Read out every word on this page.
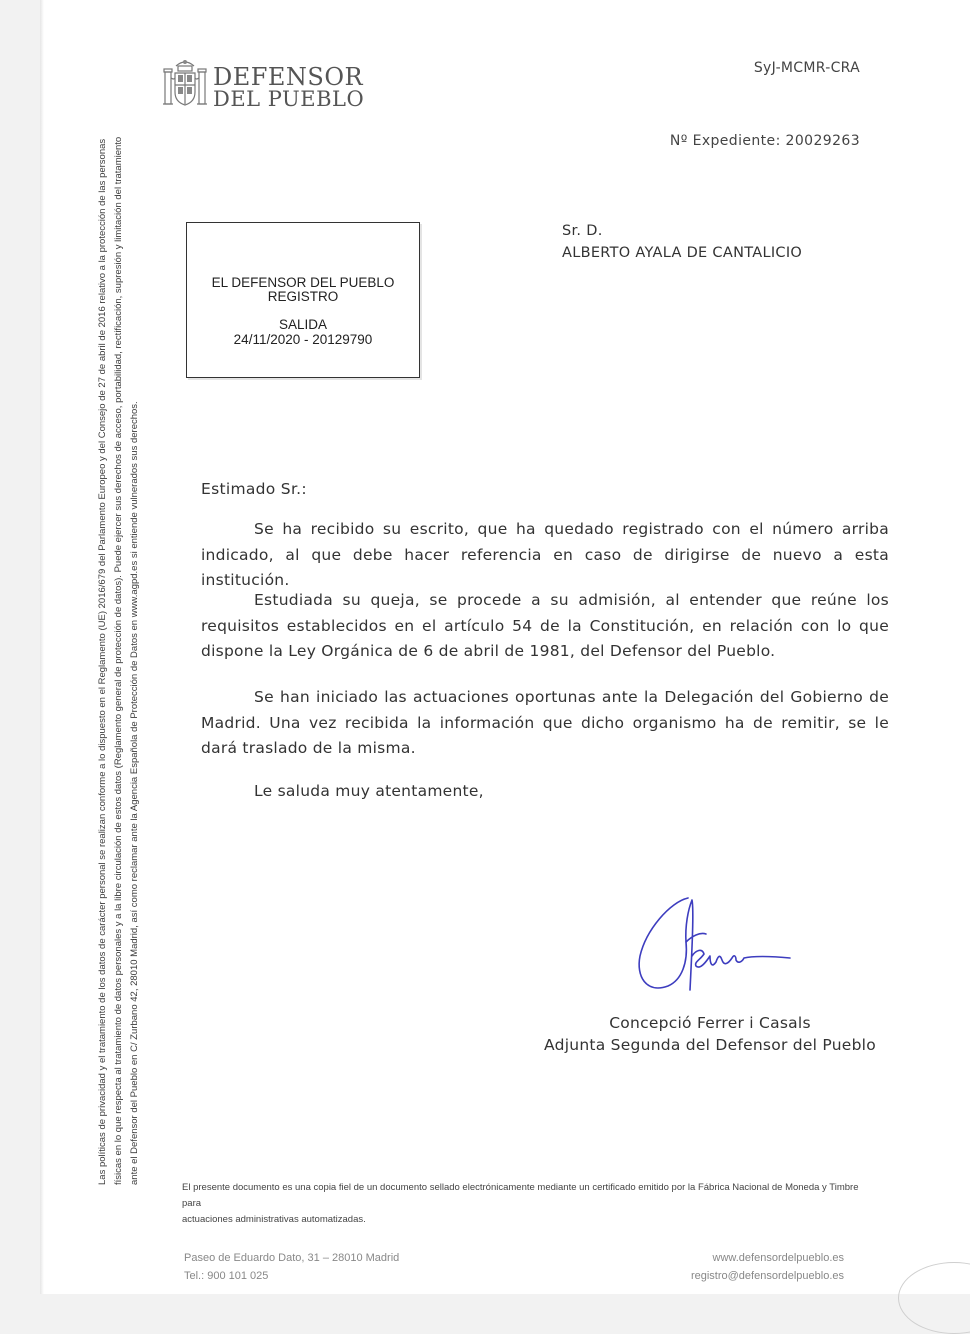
DEFENSOR
DEL PUEBLO
SyJ-MCMR-CRA
Nº Expediente: 20029263
EL DEFENSOR DEL PUEBLO
REGISTRO
SALIDA
24/11/2020 - 20129790
Sr. D.
ALBERTO AYALA DE CANTALICIO
Estimado Sr.:

Se ha recibido su escrito, que ha quedado registrado con el número arriba indicado, al que debe hacer referencia en caso de dirigirse de nuevo a esta institución.

Estudiada su queja, se procede a su admisión, al entender que reúne los requisitos establecidos en el artículo 54 de la Constitución, en relación con lo que dispone la Ley Orgánica de 6 de abril de 1981, del Defensor del Pueblo.

Se han iniciado las actuaciones oportunas ante la Delegación del Gobierno de Madrid. Una vez recibida la información que dicho organismo ha de remitir, se le dará traslado de la misma.

Le saluda muy atentamente,
Concepció Ferrer i Casals
Adjunta Segunda del Defensor del Pueblo
Las políticas de privacidad y el tratamiento de los datos de carácter personal se realizan conforme a lo dispuesto en el Reglamento (UE) 2016/679 del Parlamento Europeo y del Consejo de 27 de abril de 2016 relativo a la protección de las personas físicas en lo que respecta al tratamiento de datos personales y a la libre circulación de estos datos (Reglamento general de protección de datos). Puede ejercer sus derechos de acceso, portabilidad, rectificación, supresión y limitación del tratamiento ante el Defensor del Pueblo en C/ Zurbano 42, 28010 Madrid, así como reclamar ante la Agencia Española de Protección de Datos en www.agpd.es si entiende vulnerados sus derechos.
El presente documento es una copia fiel de un documento sellado electrónicamente mediante un certificado emitido por la Fábrica Nacional de Moneda y Timbre para
actuaciones administrativas automatizadas.
Paseo de Eduardo Dato, 31 – 28010 Madrid
Tel.: 900 101 025
www.defensordelpueblo.es
registro@defensordelpueblo.es
